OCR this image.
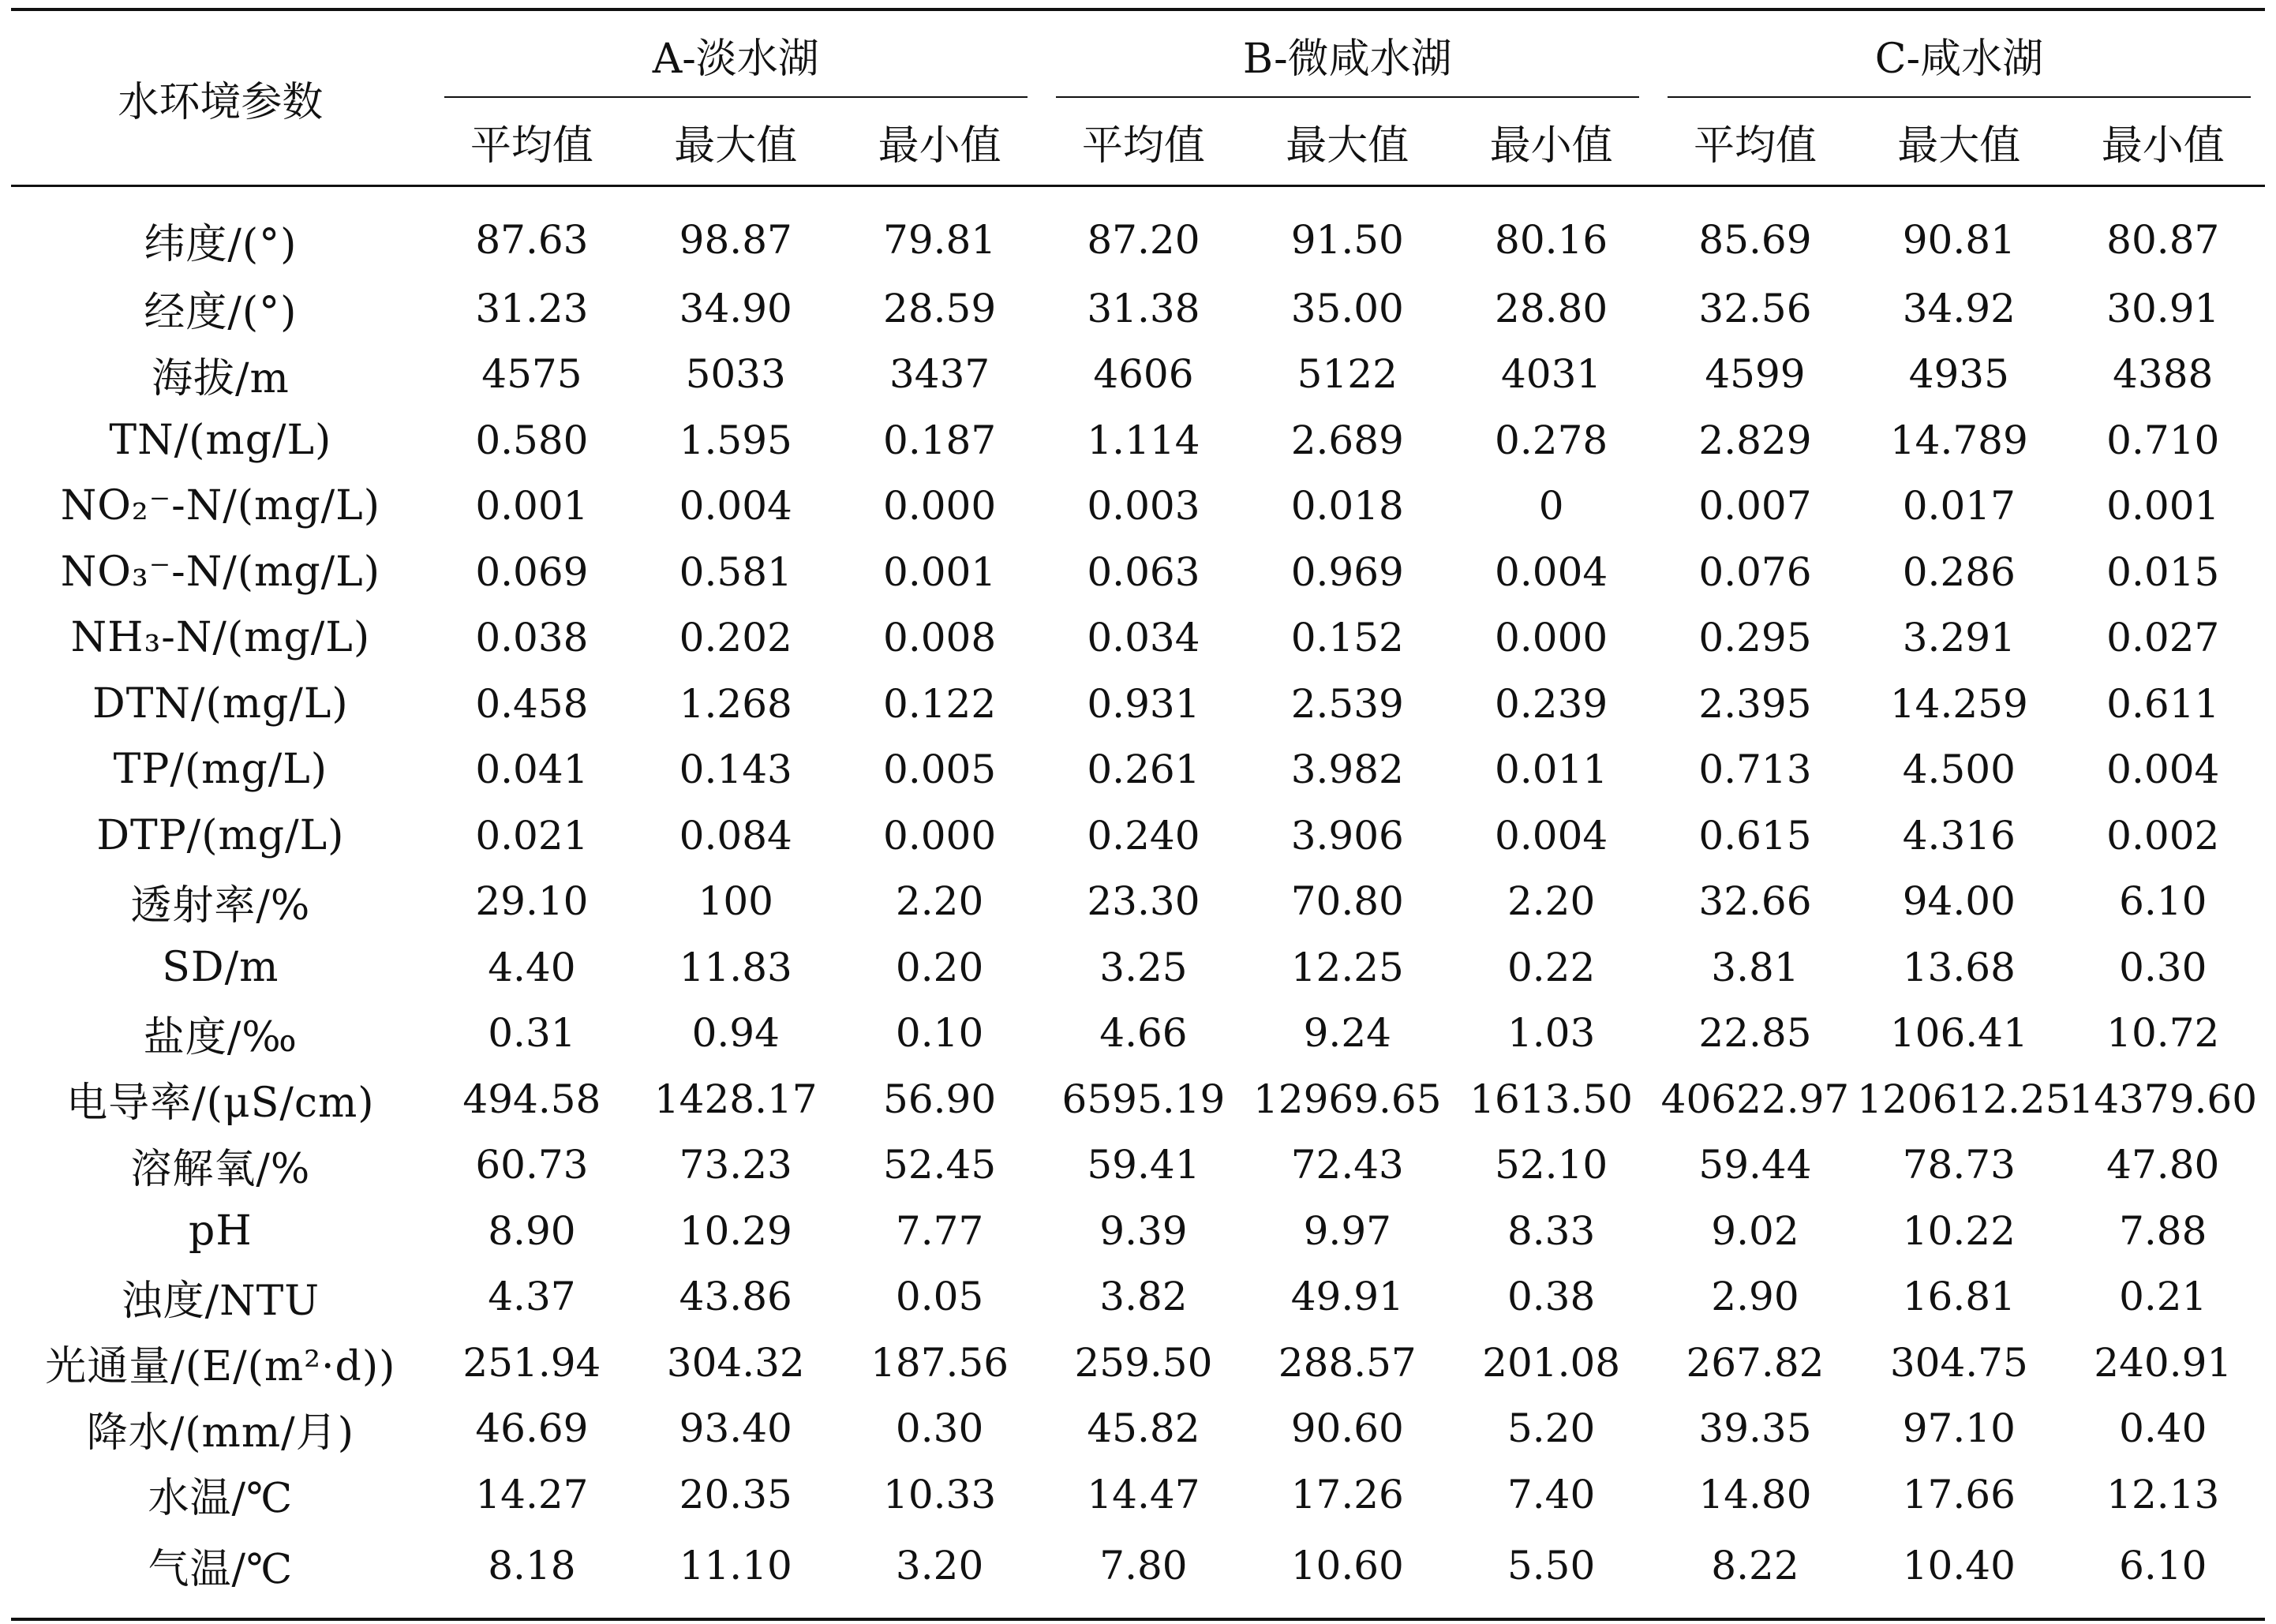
水环境参数	A-淡水湖			B-微咸水湖			C-咸水湖		

	平均值	最大值	最小值	平均值	最大值	最小值	平均值	最大值	最小值
纬度/(°)	87.63	98.87	79.81	87.20	91.50	80.16	85.69	90.81	80.87
经度/(°)	31.23	34.90	28.59	31.38	35.00	28.80	32.56	34.92	30.91
海拔/m	4575	5033	3437	4606	5122	4031	4599	4935	4388
TN/(mg/L)	0.580	1.595	0.187	1.114	2.689	0.278	2.829	14.789	0.710
NO₂⁻-N/(mg/L)	0.001	0.004	0.000	0.003	0.018	0	0.007	0.017	0.001
NO₃⁻-N/(mg/L)	0.069	0.581	0.001	0.063	0.969	0.004	0.076	0.286	0.015
NH₃-N/(mg/L)	0.038	0.202	0.008	0.034	0.152	0.000	0.295	3.291	0.027
DTN/(mg/L)	0.458	1.268	0.122	0.931	2.539	0.239	2.395	14.259	0.611
TP/(mg/L)	0.041	0.143	0.005	0.261	3.982	0.011	0.713	4.500	0.004
DTP/(mg/L)	0.021	0.084	0.000	0.240	3.906	0.004	0.615	4.316	0.002
透射率/%	29.10	100	2.20	23.30	70.80	2.20	32.66	94.00	6.10
SD/m	4.40	11.83	0.20	3.25	12.25	0.22	3.81	13.68	0.30
盐度/‰	0.31	0.94	0.10	4.66	9.24	1.03	22.85	106.41	10.72
电导率/(μS/cm)	494.58	1428.17	56.90	6595.19	12969.65	1613.50	40622.97	120612.25	14379.60
溶解氧/%	60.73	73.23	52.45	59.41	72.43	52.10	59.44	78.73	47.80
pH	8.90	10.29	7.77	9.39	9.97	8.33	9.02	10.22	7.88
浊度/NTU	4.37	43.86	0.05	3.82	49.91	0.38	2.90	16.81	0.21
光通量/(E/(m²·d))	251.94	304.32	187.56	259.50	288.57	201.08	267.82	304.75	240.91
降水/(mm/月)	46.69	93.40	0.30	45.82	90.60	5.20	39.35	97.10	0.40
水温/℃	14.27	20.35	10.33	14.47	17.26	7.40	14.80	17.66	12.13
气温/℃	8.18	11.10	3.20	7.80	10.60	5.50	8.22	10.40	6.10
